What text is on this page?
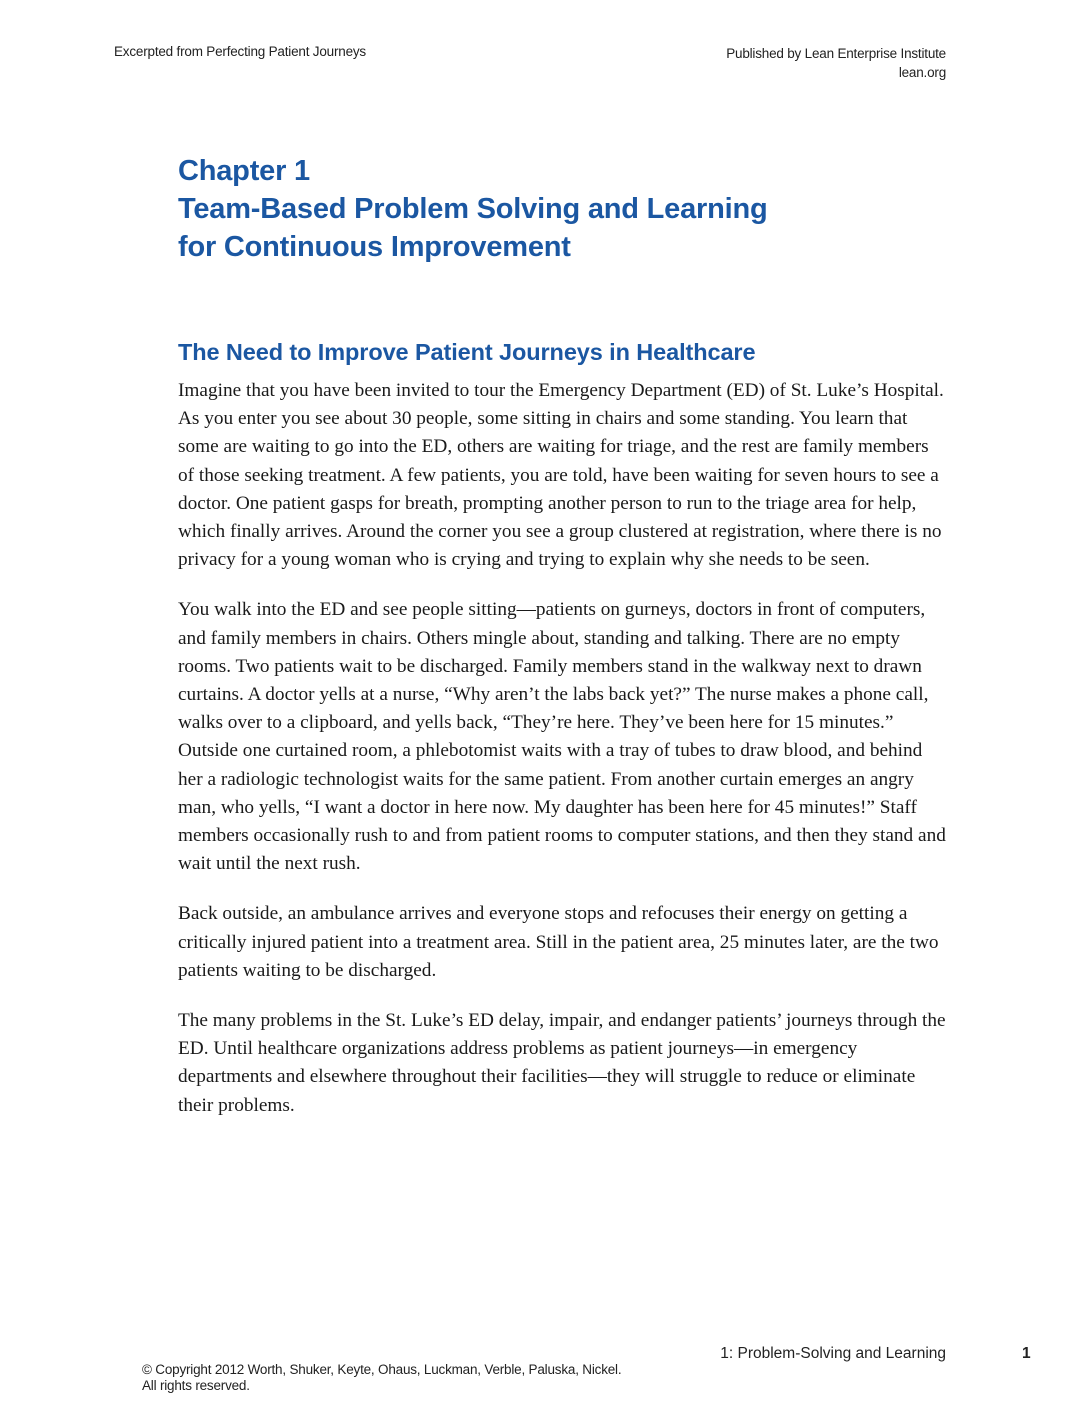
Excerpted from Perfecting Patient Journeys	Published by Lean Enterprise Institute
lean.org
Chapter 1
Team-Based Problem Solving and Learning
for Continuous Improvement
The Need to Improve Patient Journeys in Healthcare

Imagine that you have been invited to tour the Emergency Department (ED) of St. Luke’s Hospital. As you enter you see about 30 people, some sitting in chairs and some standing. You learn that some are waiting to go into the ED, others are waiting for triage, and the rest are family members of those seeking treatment. A few patients, you are told, have been waiting for seven hours to see a doctor. One patient gasps for breath, prompting another person to run to the triage area for help, which finally arrives. Around the corner you see a group clustered at registration, where there is no privacy for a young woman who is crying and trying to explain why she needs to be seen.

You walk into the ED and see people sitting—patients on gurneys, doctors in front of computers, and family members in chairs. Others mingle about, standing and talking. There are no empty rooms. Two patients wait to be discharged. Family members stand in the walkway next to drawn curtains. A doctor yells at a nurse, “Why aren’t the labs back yet?” The nurse makes a phone call, walks over to a clipboard, and yells back, “They’re here. They’ve been here for 15 minutes.” Outside one curtained room, a phlebotomist waits with a tray of tubes to draw blood, and behind her a radiologic technologist waits for the same patient. From another curtain emerges an angry man, who yells, “I want a doctor in here now. My daughter has been here for 45 minutes!” Staff members occasionally rush to and from patient rooms to computer stations, and then they stand and wait until the next rush.

Back outside, an ambulance arrives and everyone stops and refocuses their energy on getting a critically injured patient into a treatment area. Still in the patient area, 25 minutes later, are the two patients waiting to be discharged.

The many problems in the St. Luke’s ED delay, impair, and endanger patients’ journeys through the ED. Until healthcare organizations address problems as patient journeys—in emergency departments and elsewhere throughout their facilities—they will struggle to reduce or eliminate their problems.

1: Problem-Solving and Learning	1
© Copyright 2012 Worth, Shuker, Keyte, Ohaus, Luckman, Verble, Paluska, Nickel.
All rights reserved.
